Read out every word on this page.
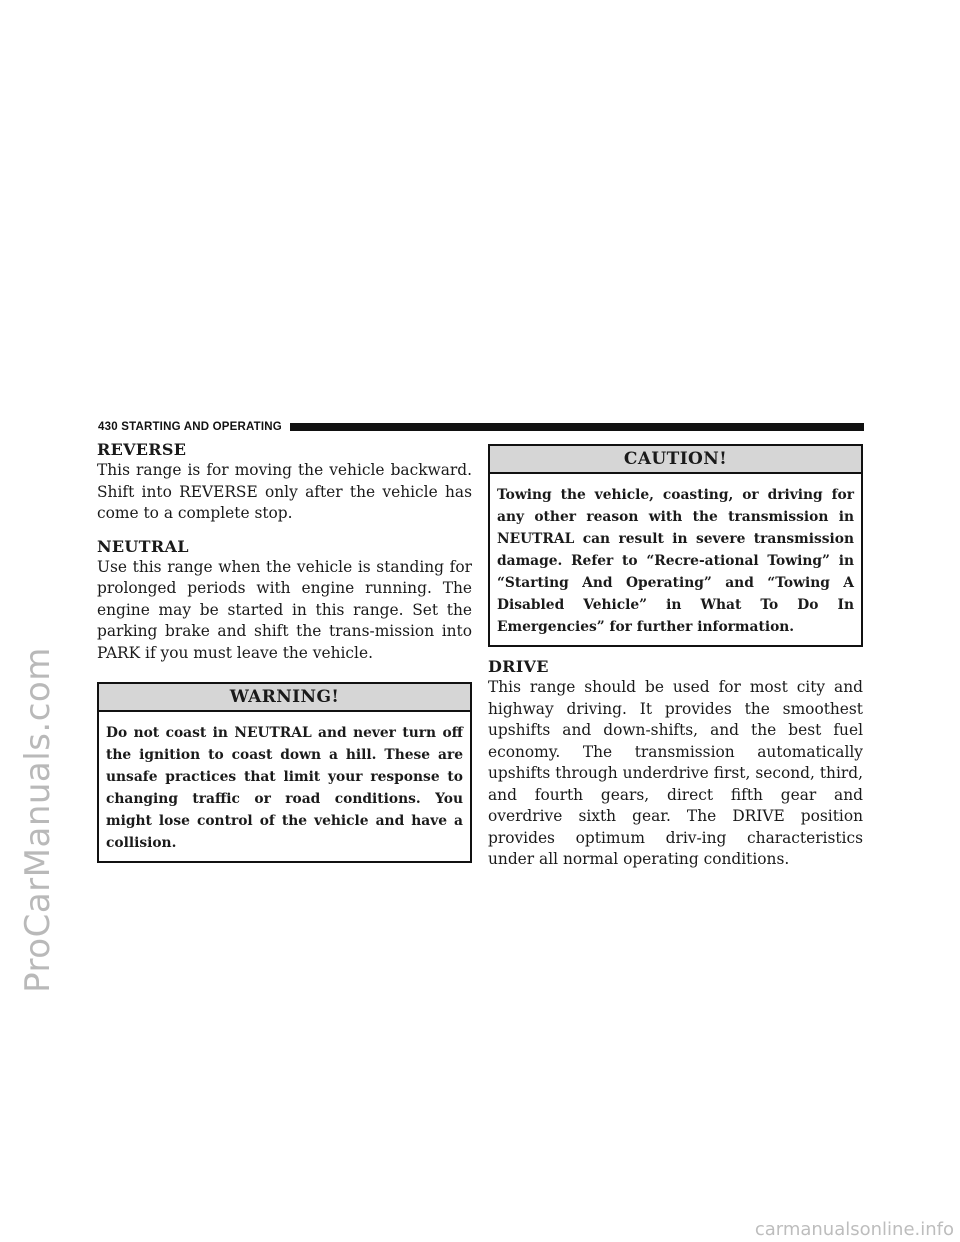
ProCarManuals.com
430 STARTING AND OPERATING
REVERSE

This range is for moving the vehicle backward. Shift into REVERSE only after the vehicle has come to a complete stop.

NEUTRAL

Use this range when the vehicle is standing for prolonged periods with engine running. The engine may be started in this range. Set the parking brake and shift the trans-mission into PARK if you must leave the vehicle.

WARNING!
Do not coast in NEUTRAL and never turn off the ignition to coast down a hill. These are unsafe practices that limit your response to changing traffic or road conditions. You might lose control of the vehicle and have a collision.
CAUTION!
Towing the vehicle, coasting, or driving for any other reason with the transmission in NEUTRAL can result in severe transmission damage. Refer to “Recre-ational Towing” in “Starting And Operating” and “Towing A Disabled Vehicle” in What To Do In Emergencies” for further information.
DRIVE

This range should be used for most city and highway driving. It provides the smoothest upshifts and down-shifts, and the best fuel economy. The transmission automatically upshifts through underdrive first, second, third, and fourth gears, direct fifth gear and overdrive sixth gear. The DRIVE position provides optimum driv-ing characteristics under all normal operating conditions.

carmanualsonline.info
